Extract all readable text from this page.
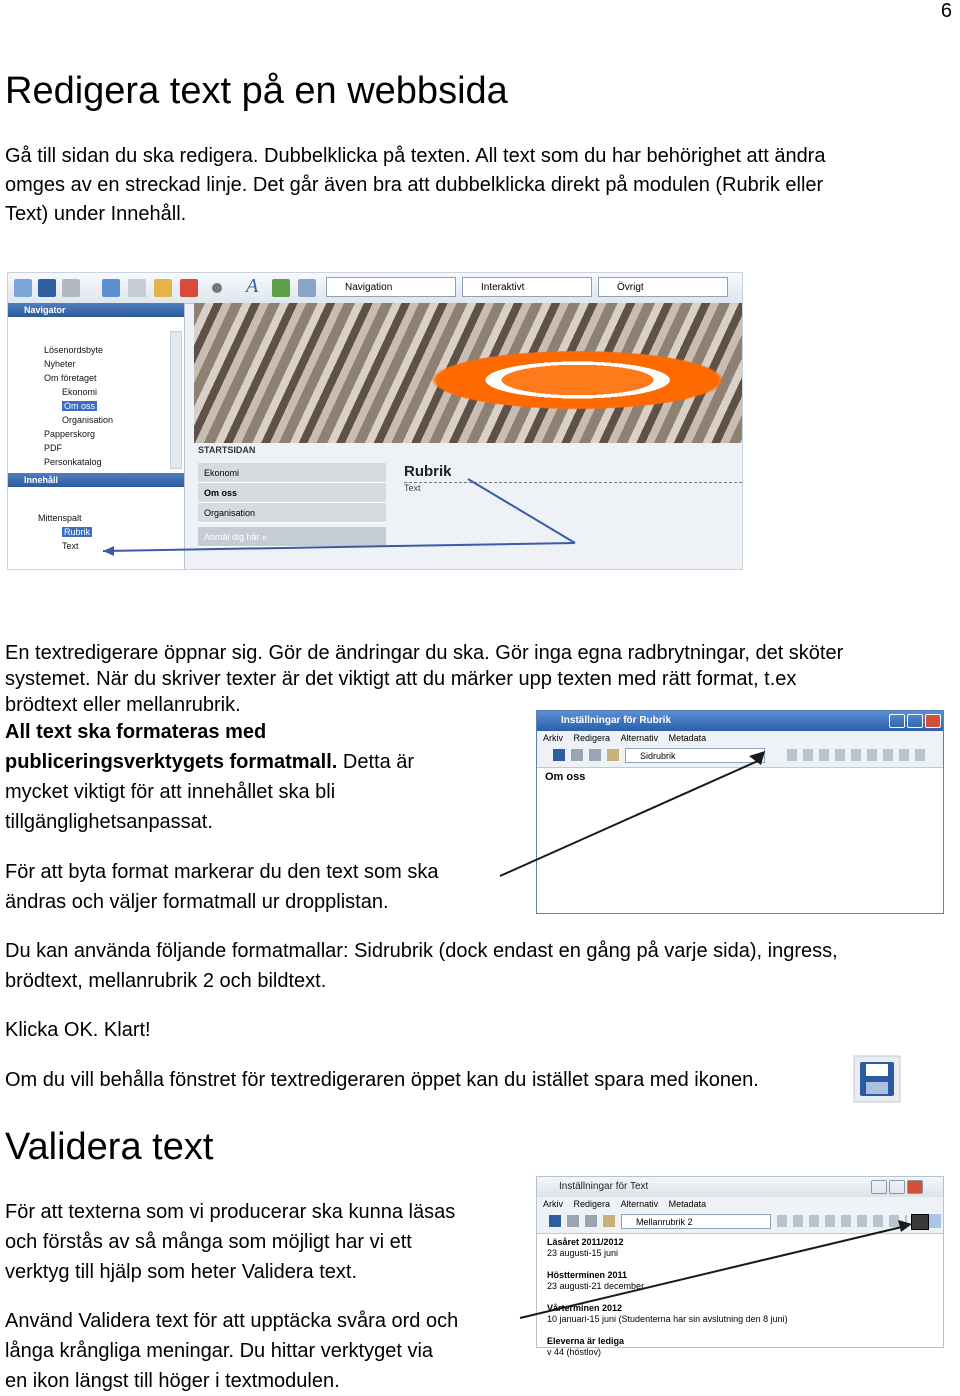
6
Redigera text på en webbsida
Gå till sidan du ska redigera. Dubbelklicka på texten. All text som du har behörighet att ändra
omges av en streckad linje. Det går även bra att dubbelklicka direkt på modulen (Rubrik eller
Text) under Innehåll.
A	Navigation	Interaktivt	Övrigt
Navigator
Lösenordsbyte
Nyheter
Om företaget
Ekonomi
Om oss
Organisation
Papperskorg
PDF
Personkatalog
Innehåll
Mittenspalt
Rubrik
Text
STARTSIDAN
Ekonomi
Om oss
Organisation
Anmäl dig här »
Rubrik
Text
En textredigerare öppnar sig. Gör de ändringar du ska. Gör inga egna radbrytningar, det sköter
systemet. När du skriver texter är det viktigt att du märker upp texten med rätt format, t.ex
brödtext eller mellanrubrik.
All text ska formateras med
publiceringsverktygets formatmall. Detta är
mycket viktigt för att innehållet ska bli
tillgänglighetsanpassat.
För att byta format markerar du den text som ska
ändras och väljer formatmall ur dropplistan.
Inställningar för Rubrik
Arkiv Redigera Alternativ Metadata
Sidrubrik
Om oss
Du kan använda följande formatmallar: Sidrubrik (dock endast en gång på varje sida), ingress,
brödtext, mellanrubrik 2 och bildtext.
Klicka OK. Klart!
Om du vill behålla fönstret för textredigeraren öppet kan du istället spara med ikonen.
Validera text
För att texterna som vi producerar ska kunna läsas
och förstås av så många som möjligt har vi ett
verktyg till hjälp som heter Validera text.
Använd Validera text för att upptäcka svåra ord och
långa krångliga meningar. Du hittar verktyget via
en ikon längst till höger i textmodulen.
Inställningar för Text
Arkiv Redigera Alternativ Metadata
Mellanrubrik 2
Läsåret 2011/2012
23 augusti-15 juni
Höstterminen 2011
23 augusti-21 december
Vårterminen 2012
10 januari-15 juni (Studenterna har sin avslutning den 8 juni)
Eleverna är lediga
v 44 (höstlov)
